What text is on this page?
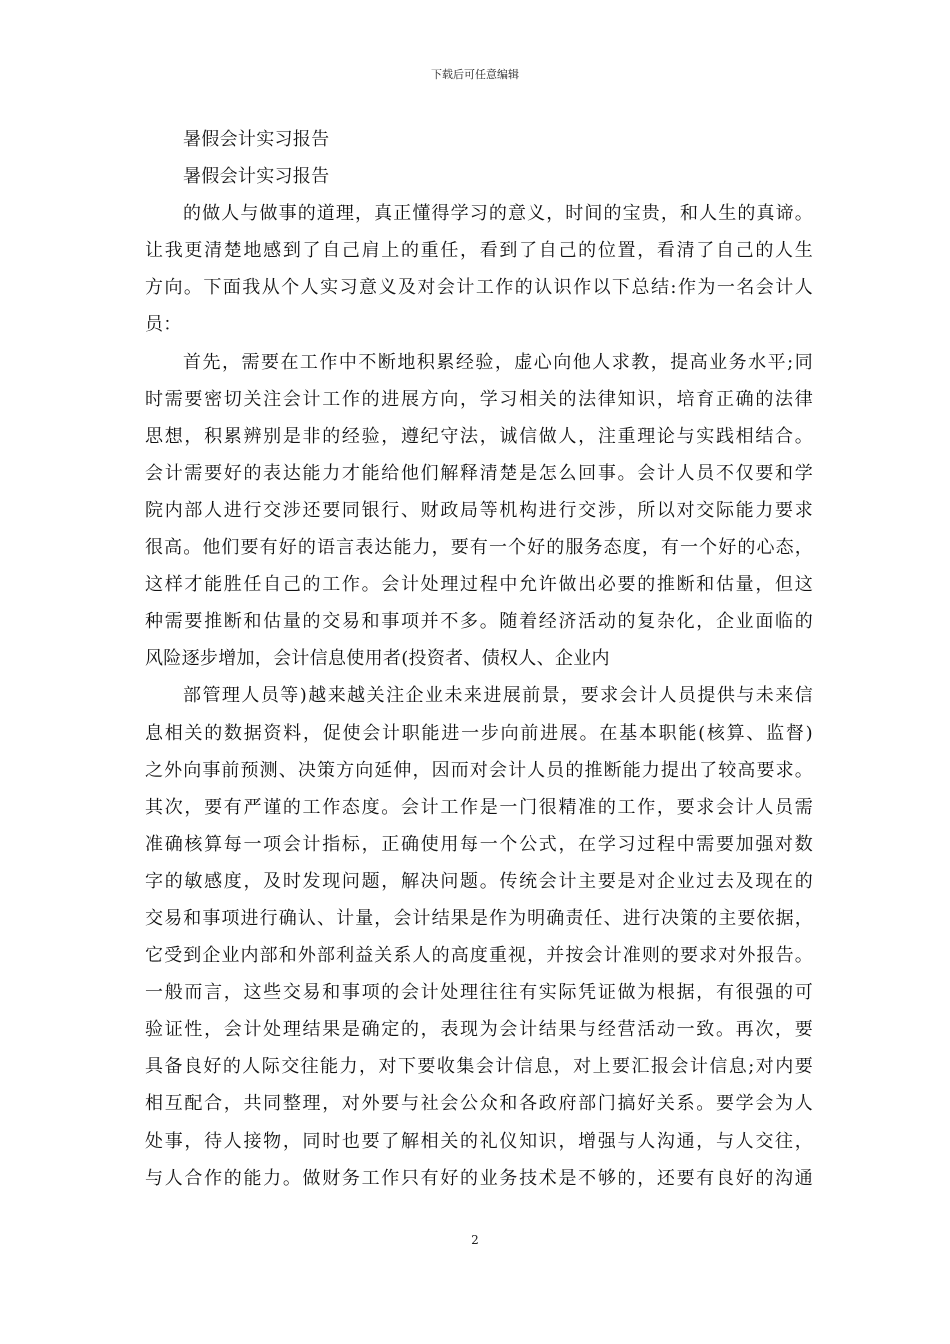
下载后可任意编辑
暑假会计实习报告
暑假会计实习报告
的做人与做事的道理，真正懂得学习的意义，时间的宝贵，和人生的真谛。
让我更清楚地感到了自己肩上的重任，看到了自己的位置，看清了自己的人生
方向。下面我从个人实习意义及对会计工作的认识作以下总结:作为一名会计人
员：
首先，需要在工作中不断地积累经验，虚心向他人求教，提高业务水平;同
时需要密切关注会计工作的进展方向，学习相关的法律知识，培育正确的法律
思想，积累辨别是非的经验，遵纪守法，诚信做人，注重理论与实践相结合。
会计需要好的表达能力才能给他们解释清楚是怎么回事。会计人员不仅要和学
院内部人进行交涉还要同银行、财政局等机构进行交涉，所以对交际能力要求
很高。他们要有好的语言表达能力，要有一个好的服务态度，有一个好的心态，
这样才能胜任自己的工作。会计处理过程中允许做出必要的推断和估量，但这
种需要推断和估量的交易和事项并不多。随着经济活动的复杂化，企业面临的
风险逐步增加，会计信息使用者(投资者、债权人、企业内
部管理人员等)越来越关注企业未来进展前景，要求会计人员提供与未来信
息相关的数据资料，促使会计职能进一步向前进展。在基本职能(核算、监督)
之外向事前预测、决策方向延伸，因而对会计人员的推断能力提出了较高要求。
其次，要有严谨的工作态度。会计工作是一门很精准的工作，要求会计人员需
准确核算每一项会计指标，正确使用每一个公式，在学习过程中需要加强对数
字的敏感度，及时发现问题，解决问题。传统会计主要是对企业过去及现在的
交易和事项进行确认、计量，会计结果是作为明确责任、进行决策的主要依据，
它受到企业内部和外部利益关系人的高度重视，并按会计准则的要求对外报告。
一般而言，这些交易和事项的会计处理往往有实际凭证做为根据，有很强的可
验证性，会计处理结果是确定的，表现为会计结果与经营活动一致。再次，要
具备良好的人际交往能力，对下要收集会计信息，对上要汇报会计信息;对内要
相互配合，共同整理，对外要与社会公众和各政府部门搞好关系。要学会为人
处事，待人接物，同时也要了解相关的礼仪知识，增强与人沟通，与人交往，
与人合作的能力。做财务工作只有好的业务技术是不够的，还要有良好的沟通
2
